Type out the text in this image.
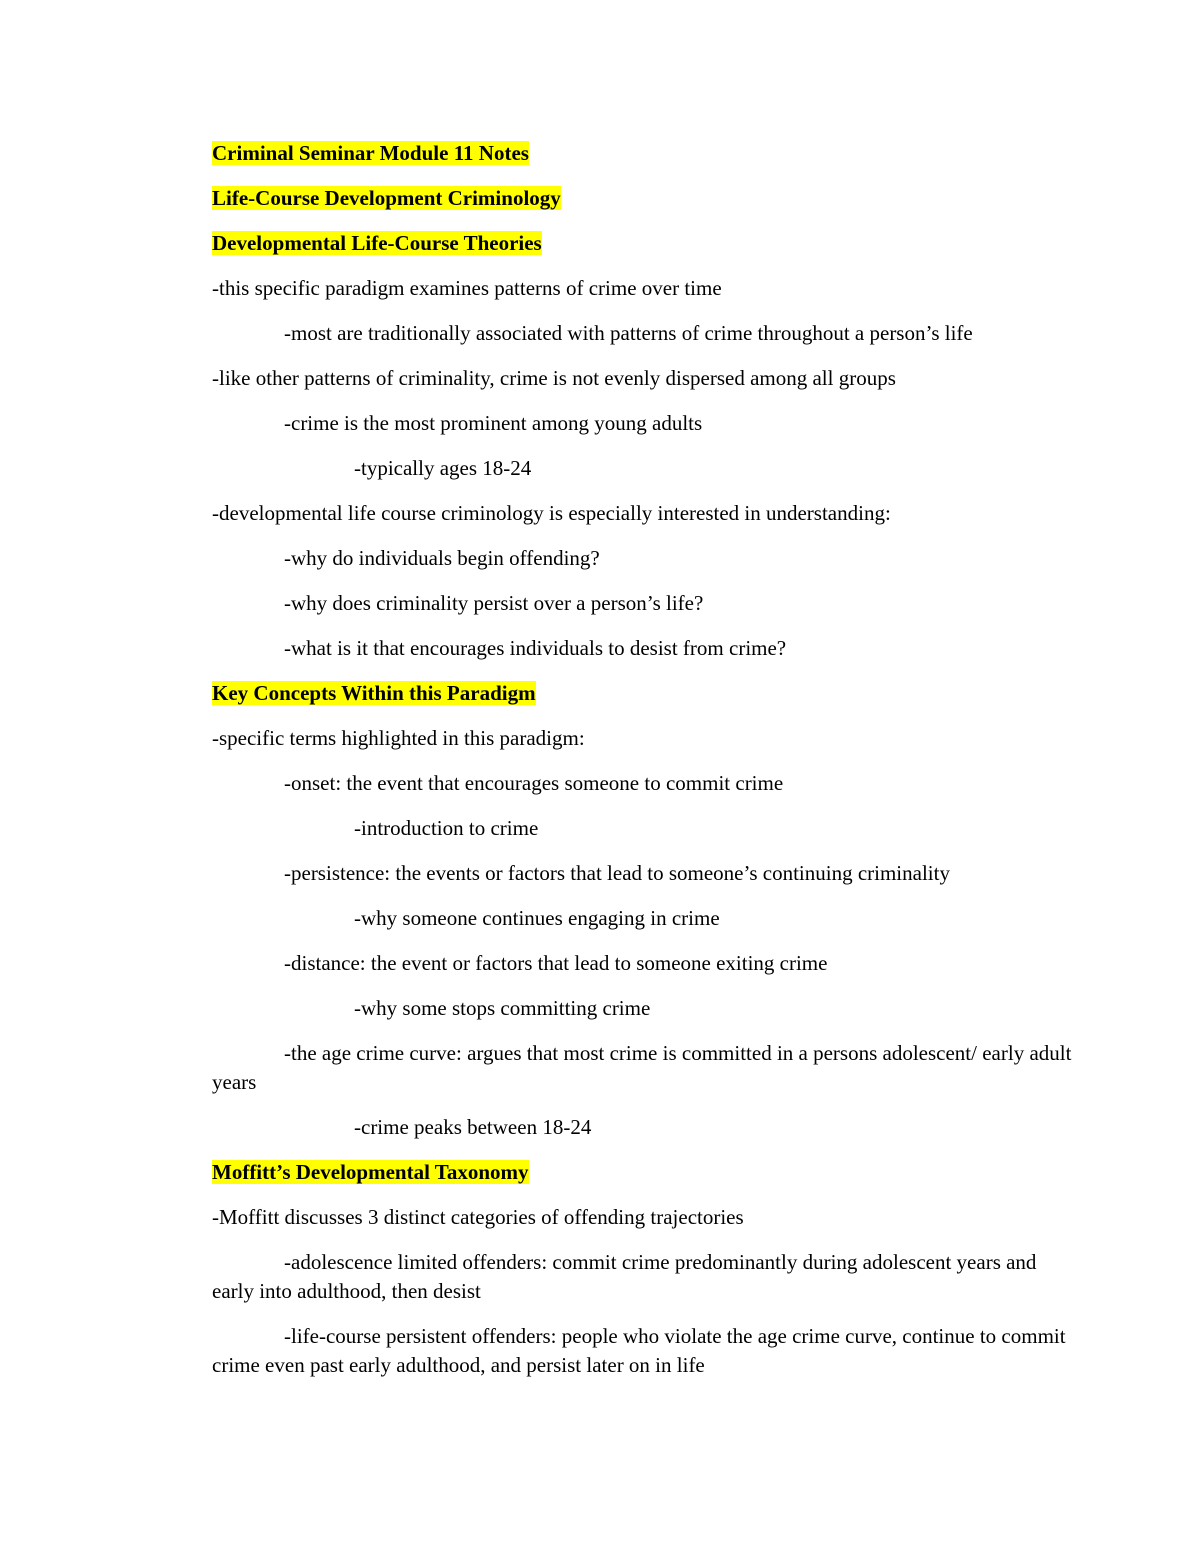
Criminal Seminar Module 11 Notes
Life-Course Development Criminology
Developmental Life-Course Theories
-this specific paradigm examines patterns of crime over time
-most are traditionally associated with patterns of crime throughout a person’s life
-like other patterns of criminality, crime is not evenly dispersed among all groups
-crime is the most prominent among young adults
-typically ages 18-24
-developmental life course criminology is especially interested in understanding:
-why do individuals begin offending?
-why does criminality persist over a person’s life?
-what is it that encourages individuals to desist from crime?
Key Concepts Within this Paradigm
-specific terms highlighted in this paradigm:
-onset: the event that encourages someone to commit crime
-introduction to crime
-persistence: the events or factors that lead to someone’s continuing criminality
-why someone continues engaging in crime
-distance: the event or factors that lead to someone exiting crime
-why some stops committing crime
-the age crime curve: argues that most crime is committed in a persons adolescent/ early adult years
-crime peaks between 18-24
Moffitt’s Developmental Taxonomy
-Moffitt discusses 3 distinct categories of offending trajectories
-adolescence limited offenders: commit crime predominantly during adolescent years and early into adulthood, then desist
-life-course persistent offenders: people who violate the age crime curve, continue to commit crime even past early adulthood, and persist later on in life
